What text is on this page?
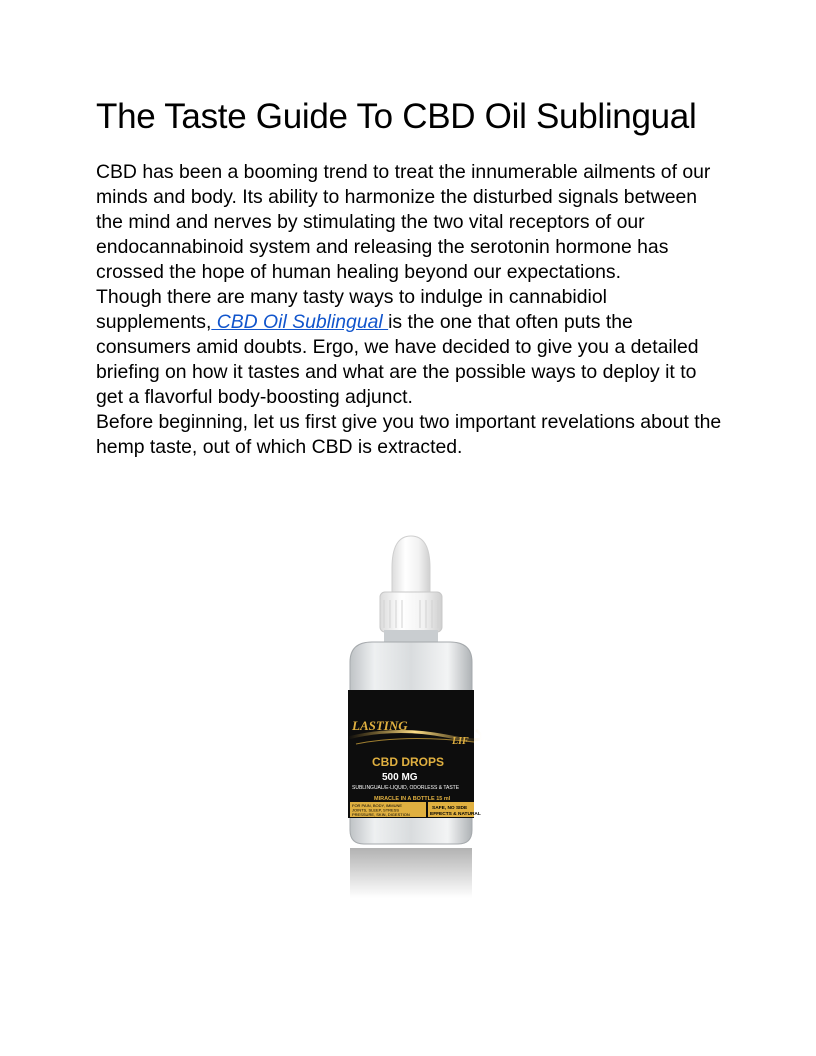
The Taste Guide To CBD Oil Sublingual

CBD has been a booming trend to treat the innumerable ailments of our minds and body. Its ability to harmonize the disturbed signals between the mind and nerves by stimulating the two vital receptors of our endocannabinoid system and releasing the serotonin hormone has crossed the hope of human healing beyond our expectations.

Though there are many tasty ways to indulge in cannabidiol supplements, CBD Oil Sublingual is the one that often puts the consumers amid doubts. Ergo, we have decided to give you a detailed briefing on how it tastes and what are the possible ways to deploy it to get a flavorful body-boosting adjunct.

Before beginning, let us first give you two important revelations about the hemp taste, out of which CBD is extracted.

LASTING
LIF
CBD DROPS
500 MG
SUBLINGUAL/E-LIQUID, ODORLESS & TASTE
MIRACLE IN A BOTTLE 15 ml
FOR PAIN, BODY, IMMUNE
JOINTS, SLEEP, STRESS
PRESSURE, SKIN, DIGESTION
SAFE, NO SIDE
EFFECTS & NATURAL
